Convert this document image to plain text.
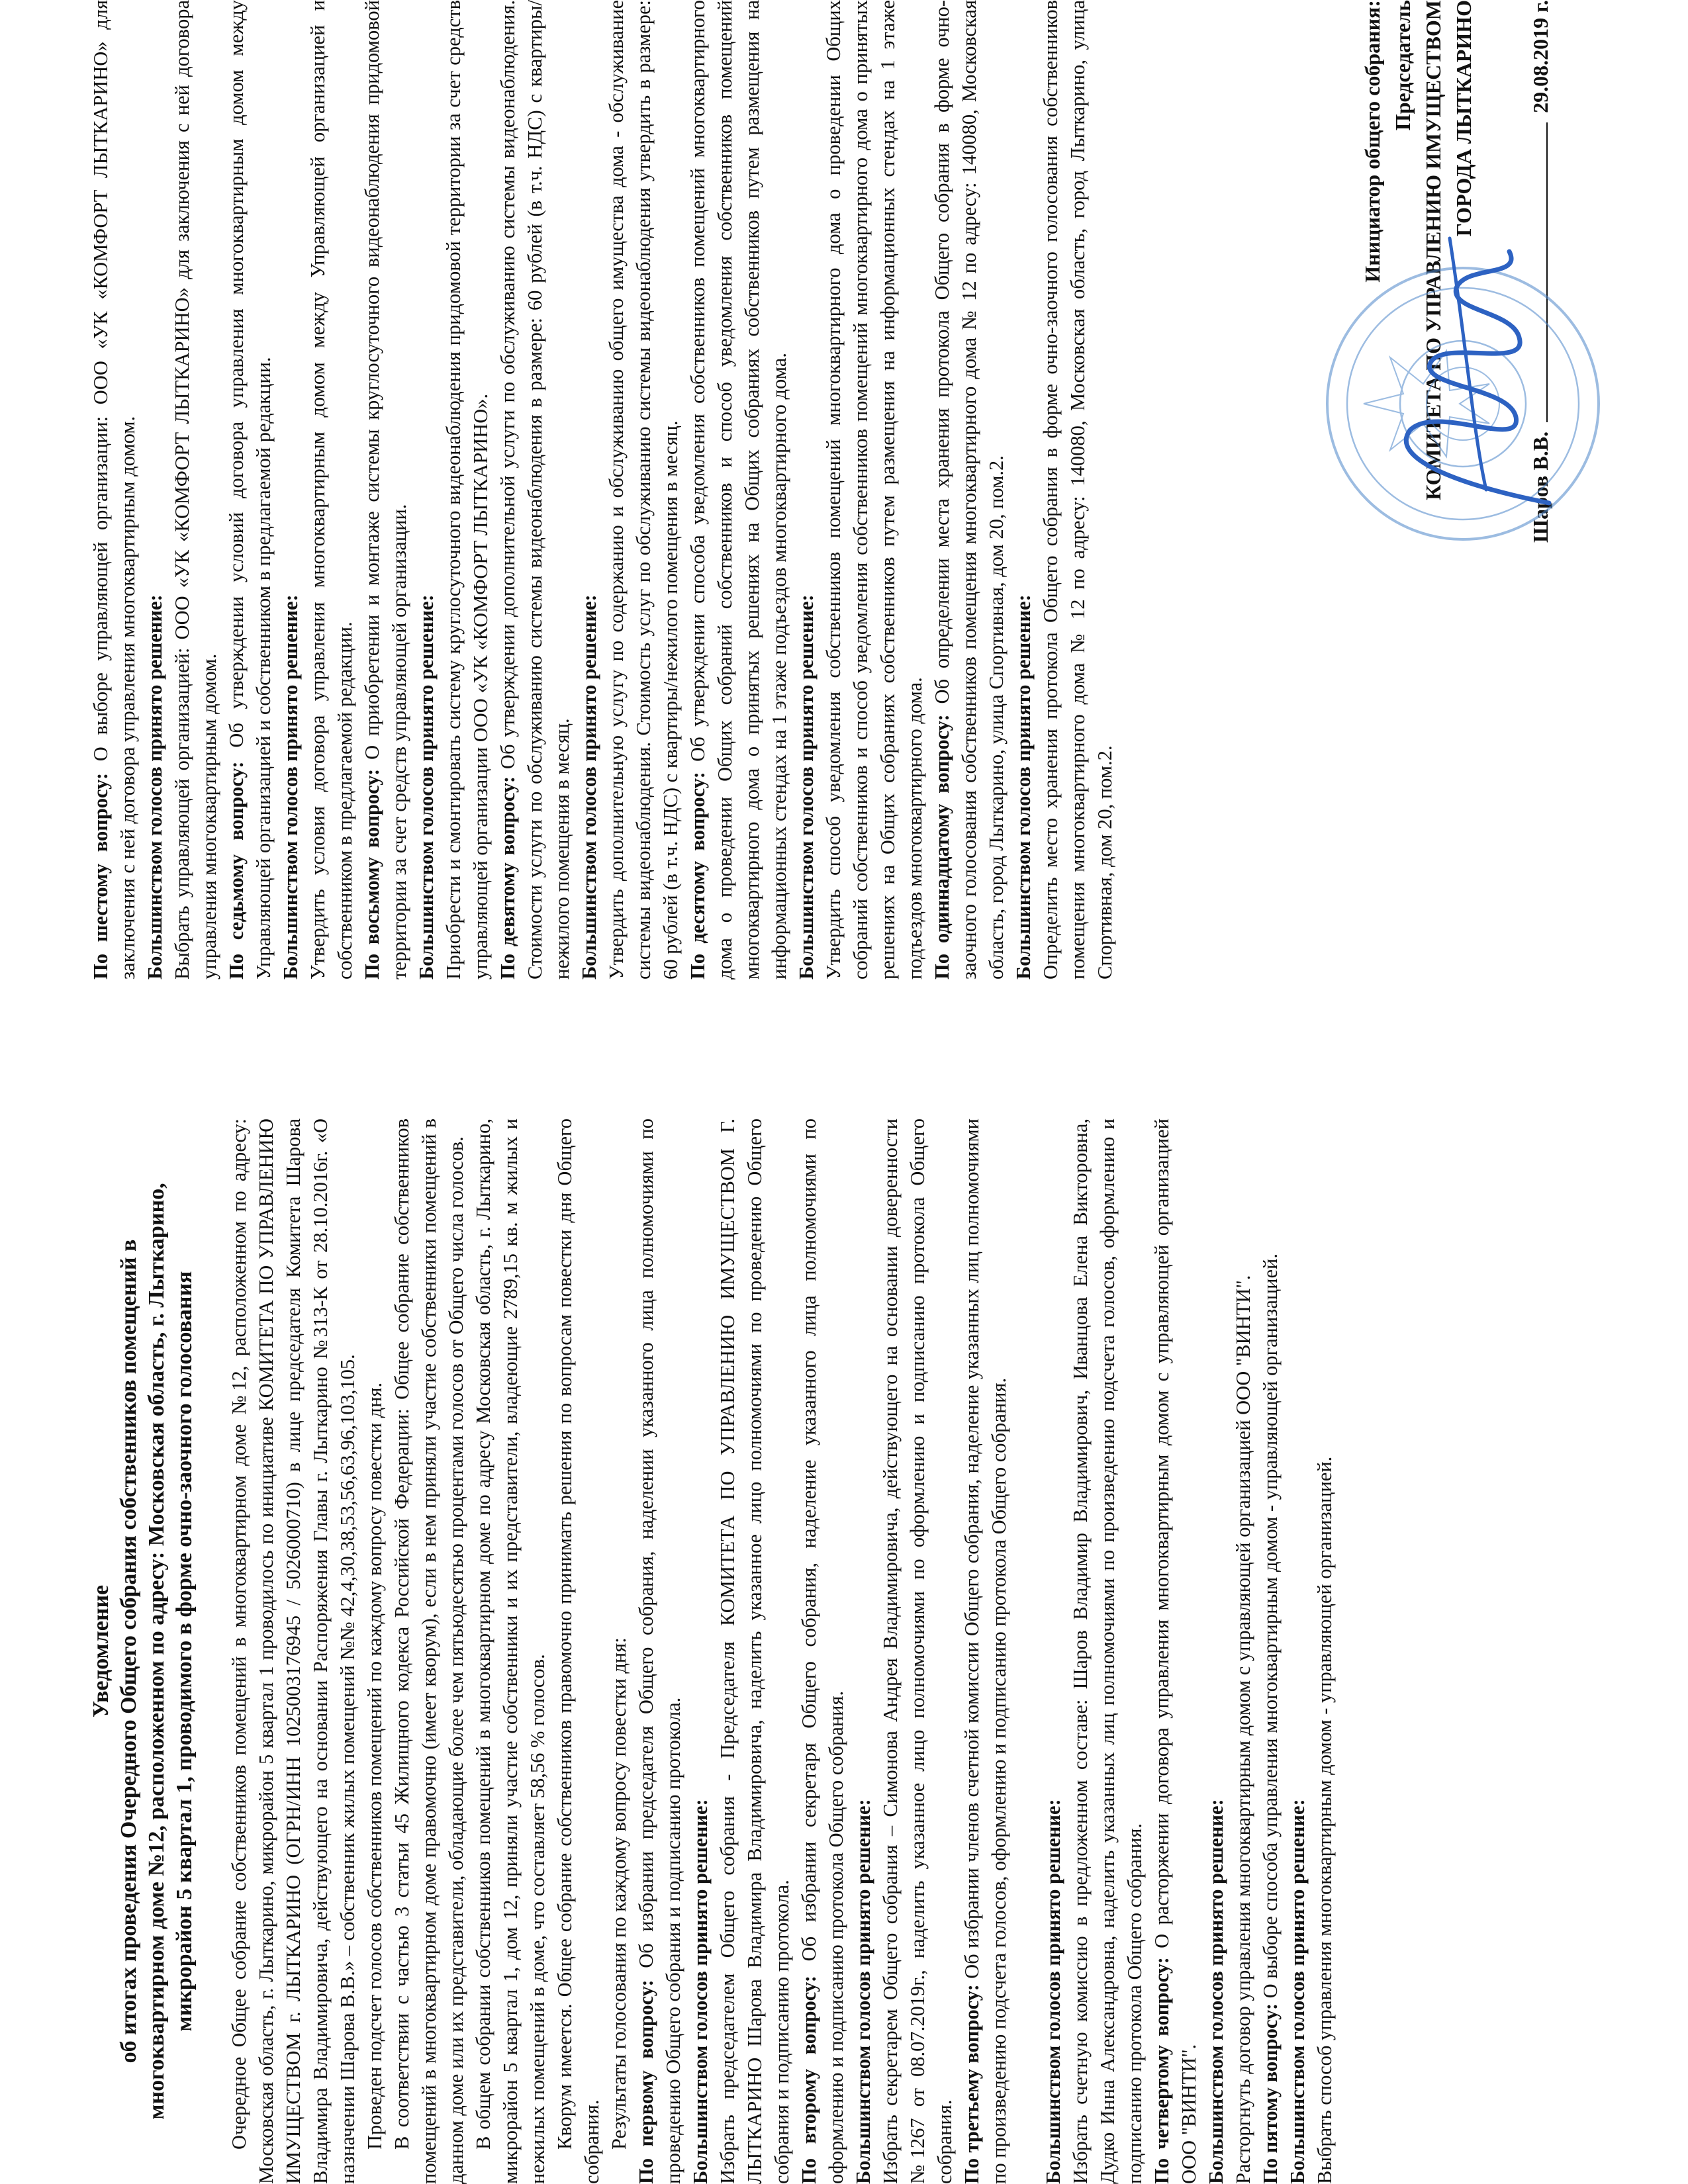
Уведомление об итогах проведения Очередного Общего собрания собственников помещений в многоквартирном доме №12, расположенном по адресу: Московская область, г. Лыткарино, микрорайон 5 квартал 1, проводимого в форме очно-заочного голосования Очередное Общее собрание собственников помещений в многоквартирном доме №12, расположенном по адресу: Московская область, г. Лыткарино, микрорайон 5 квартал 1 проводилось по инициативе КОМИТЕТА ПО УПРАВЛЕНИЮ ИМУЩЕСТВОМ г. ЛЫТКАРИНО (ОГРН/ИНН 1025003176945 / 5026000710) в лице председателя Комитета Шарова Владимира Владимировича, действующего на основании Распоряжения Главы г. Лыткарино №313-К от 28.10.2016г. «О назначении Шарова В.В.» – собственник жилых помещений №№ 42,4,30,38,53,56,63,96,103,105. Проведен подсчет голосов собственников помещений по каждому вопросу повестки дня. В соответствии с частью 3 статьи 45 Жилищного кодекса Российской Федерации: Общее собрание собственников помещений в многоквартирном доме правомочно (имеет кворум), если в нем приняли участие собственники помещений в данном доме или их представители, обладающие более чем пятьюдесятью процентами голосов от Общего числа голосов. В общем собрании собственников помещений в многоквартирном доме по адресу Московская область, г. Лыткарино, микрорайон 5 квартал 1, дом 12, приняли участие собственники и их представители, владеющие 2789,15 кв. м жилых и нежилых помещений в доме, что составляет 58,56 % голосов. Кворум имеется. Общее собрание собственников правомочно принимать решения по вопросам повестки дня Общего собрания. Результаты голосования по каждому вопросу повестки дня: По первому вопросу: Об избрании председателя Общего собрания, наделении указанного лица полномочиями по проведению Общего собрания и подписанию протокола. Большинством голосов принято решение: Избрать председателем Общего собрания - Председателя КОМИТЕТА ПО УПРАВЛЕНИЮ ИМУЩЕСТВОМ Г. ЛЫТКАРИНО Шарова Владимира Владимировича, наделить указанное лицо полномочиями по проведению Общего собрания и подписанию протокола. По второму вопросу: Об избрании секретаря Общего собрания, наделение указанного лица полномочиями по оформлению и подписанию протокола Общего собрания. Большинством голосов принято решение: Избрать секретарем Общего собрания – Симонова Андрея Владимировича, действующего на основании доверенности №1267 от 08.07.2019г., наделить указанное лицо полномочиями по оформлению и подписанию протокола Общего собрания. По третьему вопросу: Об избрании членов счетной комиссии Общего собрания, наделение указанных лиц полномочиями по произведению подсчета голосов, оформлению и подписанию протокола Общего собрания. Большинством голосов принято решение: Избрать счетную комиссию в предложенном составе: Шаров Владимир Владимирович, Иванцова Елена Викторовна, Дудко Инна Александровна, наделить указанных лиц полномочиями по произведению подсчета голосов, оформлению и подписанию протокола Общего собрания. По четвертому вопросу: О расторжении договора управления многоквартирным домом с управляющей организацией ООО "ВИНТИ". Большинством голосов принято решение: Расторгнуть договор управления многоквартирным домом с управляющей организацией ООО "ВИНТИ". По пятому вопросу: О выборе способа управления многоквартирным домом - управляющей организацией. Большинством голосов принято решение: Выбрать способ управления многоквартирным домом - управляющей организацией.

По шестому вопросу: О выборе управляющей организации: ООО «УК «КОМФОРТ ЛЫТКАРИНО» для заключения с ней договора управления многоквартирным домом. Большинством голосов принято решение: Выбрать управляющей организацией: ООО «УК «КОМФОРТ ЛЫТКАРИНО» для заключения с ней договора управления многоквартирным домом. По седьмому вопросу: Об утверждении условий договора управления многоквартирным домом между Управляющей организацией и собственником в предлагаемой редакции. Большинством голосов принято решение: Утвердить условия договора управления многоквартирным домом между Управляющей организацией и собственником в предлагаемой редакции. По восьмому вопросу: О приобретении и монтаже системы круглосуточного видеонаблюдения придомовой территории за счет средств управляющей организации. Большинством голосов принято решение: Приобрести и смонтировать систему круглосуточного видеонаблюдения придомовой территории за счет средств управляющей организации ООО «УК «КОМФОРТ ЛЫТКАРИНО». По девятому вопросу: Об утверждении дополнительной услуги по обслуживанию системы видеонаблюдения. Стоимости услуги по обслуживанию системы видеонаблюдения в размере: 60 рублей (в т.ч. НДС) с квартиры/нежилого помещения в месяц. Большинством голосов принято решение: Утвердить дополнительную услугу по содержанию и обслуживанию общего имущества дома - обслуживание системы видеонаблюдения. Стоимость услуг по обслуживанию системы видеонаблюдения утвердить в размере: 60 рублей (в т.ч. НДС) с квартиры/нежилого помещения в месяц. По десятому вопросу: Об утверждении способа уведомления собственников помещений многоквартирного дома о проведении Общих собраний собственников и способ уведомления собственников помещений многоквартирного дома о принятых решениях на Общих собраниях собственников путем размещения на информационных стендах на 1 этаже подъездов многоквартирного дома. Большинством голосов принято решение: Утвердить способ уведомления собственников помещений многоквартирного дома о проведении Общих собраний собственников и способ уведомления собственников помещений многоквартирного дома о принятых решениях на Общих собраниях собственников путем размещения на информационных стендах на 1 этаже подъездов многоквартирного дома. По одиннадцатому вопросу: Об определении места хранения протокола Общего собрания в форме очно-заочного голосования собственников помещения многоквартирного дома № 12 по адресу: 140080, Московская область, город Лыткарино, улица Спортивная, дом 20, пом.2. Большинством голосов принято решение: Определить место хранения протокола Общего собрания в форме очно-заочного голосования собственников помещения многоквартирного дома № 12 по адресу: 140080, Московская область, город Лыткарино, улица Спортивная, дом 20, пом.2.

Инициатор общего собрания: Председатель КОМИТЕТА ПО УПРАВЛЕНИЮ ИМУЩЕСТВОМ ГОРОДА ЛЫТКАРИНО
Шаров В.В.
29.08.2019 г.
